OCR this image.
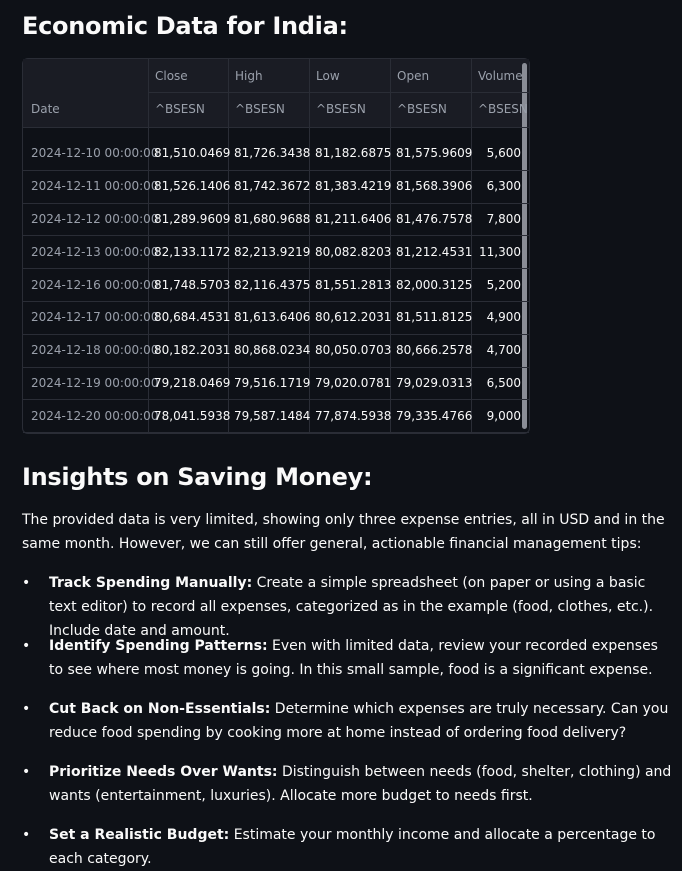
Economic Data for India:
Close
^BSESN
High
^BSESN
Low
^BSESN
Open
^BSESN
Volume
^BSESN
Date
2024-12-10 00:00:00
81,510.0469 81,726.3438 81,182.6875 81,575.9609 5,600
2024-12-11 00:00:00
81,526.1406 81,742.3672 81,383.4219 81,568.3906 6,300
2024-12-12 00:00:00
81,289.9609 81,680.9688 81,211.6406 81,476.7578 7,800
2024-12-13 00:00:00
82,133.1172 82,213.9219 80,082.8203 81,212.4531 11,300
2024-12-16 00:00:00
81,748.5703 82,116.4375 81,551.2813 82,000.3125 5,200
2024-12-17 00:00:00
80,684.4531 81,613.6406 80,612.2031 81,511.8125 4,900
2024-12-18 00:00:00
80,182.2031 80,868.0234 80,050.0703 80,666.2578 4,700
2024-12-19 00:00:00
79,218.0469 79,516.1719 79,020.0781 79,029.0313 6,500
2024-12-20 00:00:00
78,041.5938 79,587.1484 77,874.5938 79,335.4766 9,000
Insights on Saving Money:
The provided data is very limited, showing only three expense entries, all in USD and in the same month. However, we can still offer general, actionable financial management tips:
• Track Spending Manually: Create a simple spreadsheet (on paper or using a basic text editor) to record all expenses, categorized as in the example (food, clothes, etc.). Include date and amount.
• Identify Spending Patterns: Even with limited data, review your recorded expenses to see where most money is going. In this small sample, food is a significant expense.
• Cut Back on Non-Essentials: Determine which expenses are truly necessary. Can you reduce food spending by cooking more at home instead of ordering food delivery?
• Prioritize Needs Over Wants: Distinguish between needs (food, shelter, clothing) and wants (entertainment, luxuries). Allocate more budget to needs first.
• Set a Realistic Budget: Estimate your monthly income and allocate a percentage to each category.
